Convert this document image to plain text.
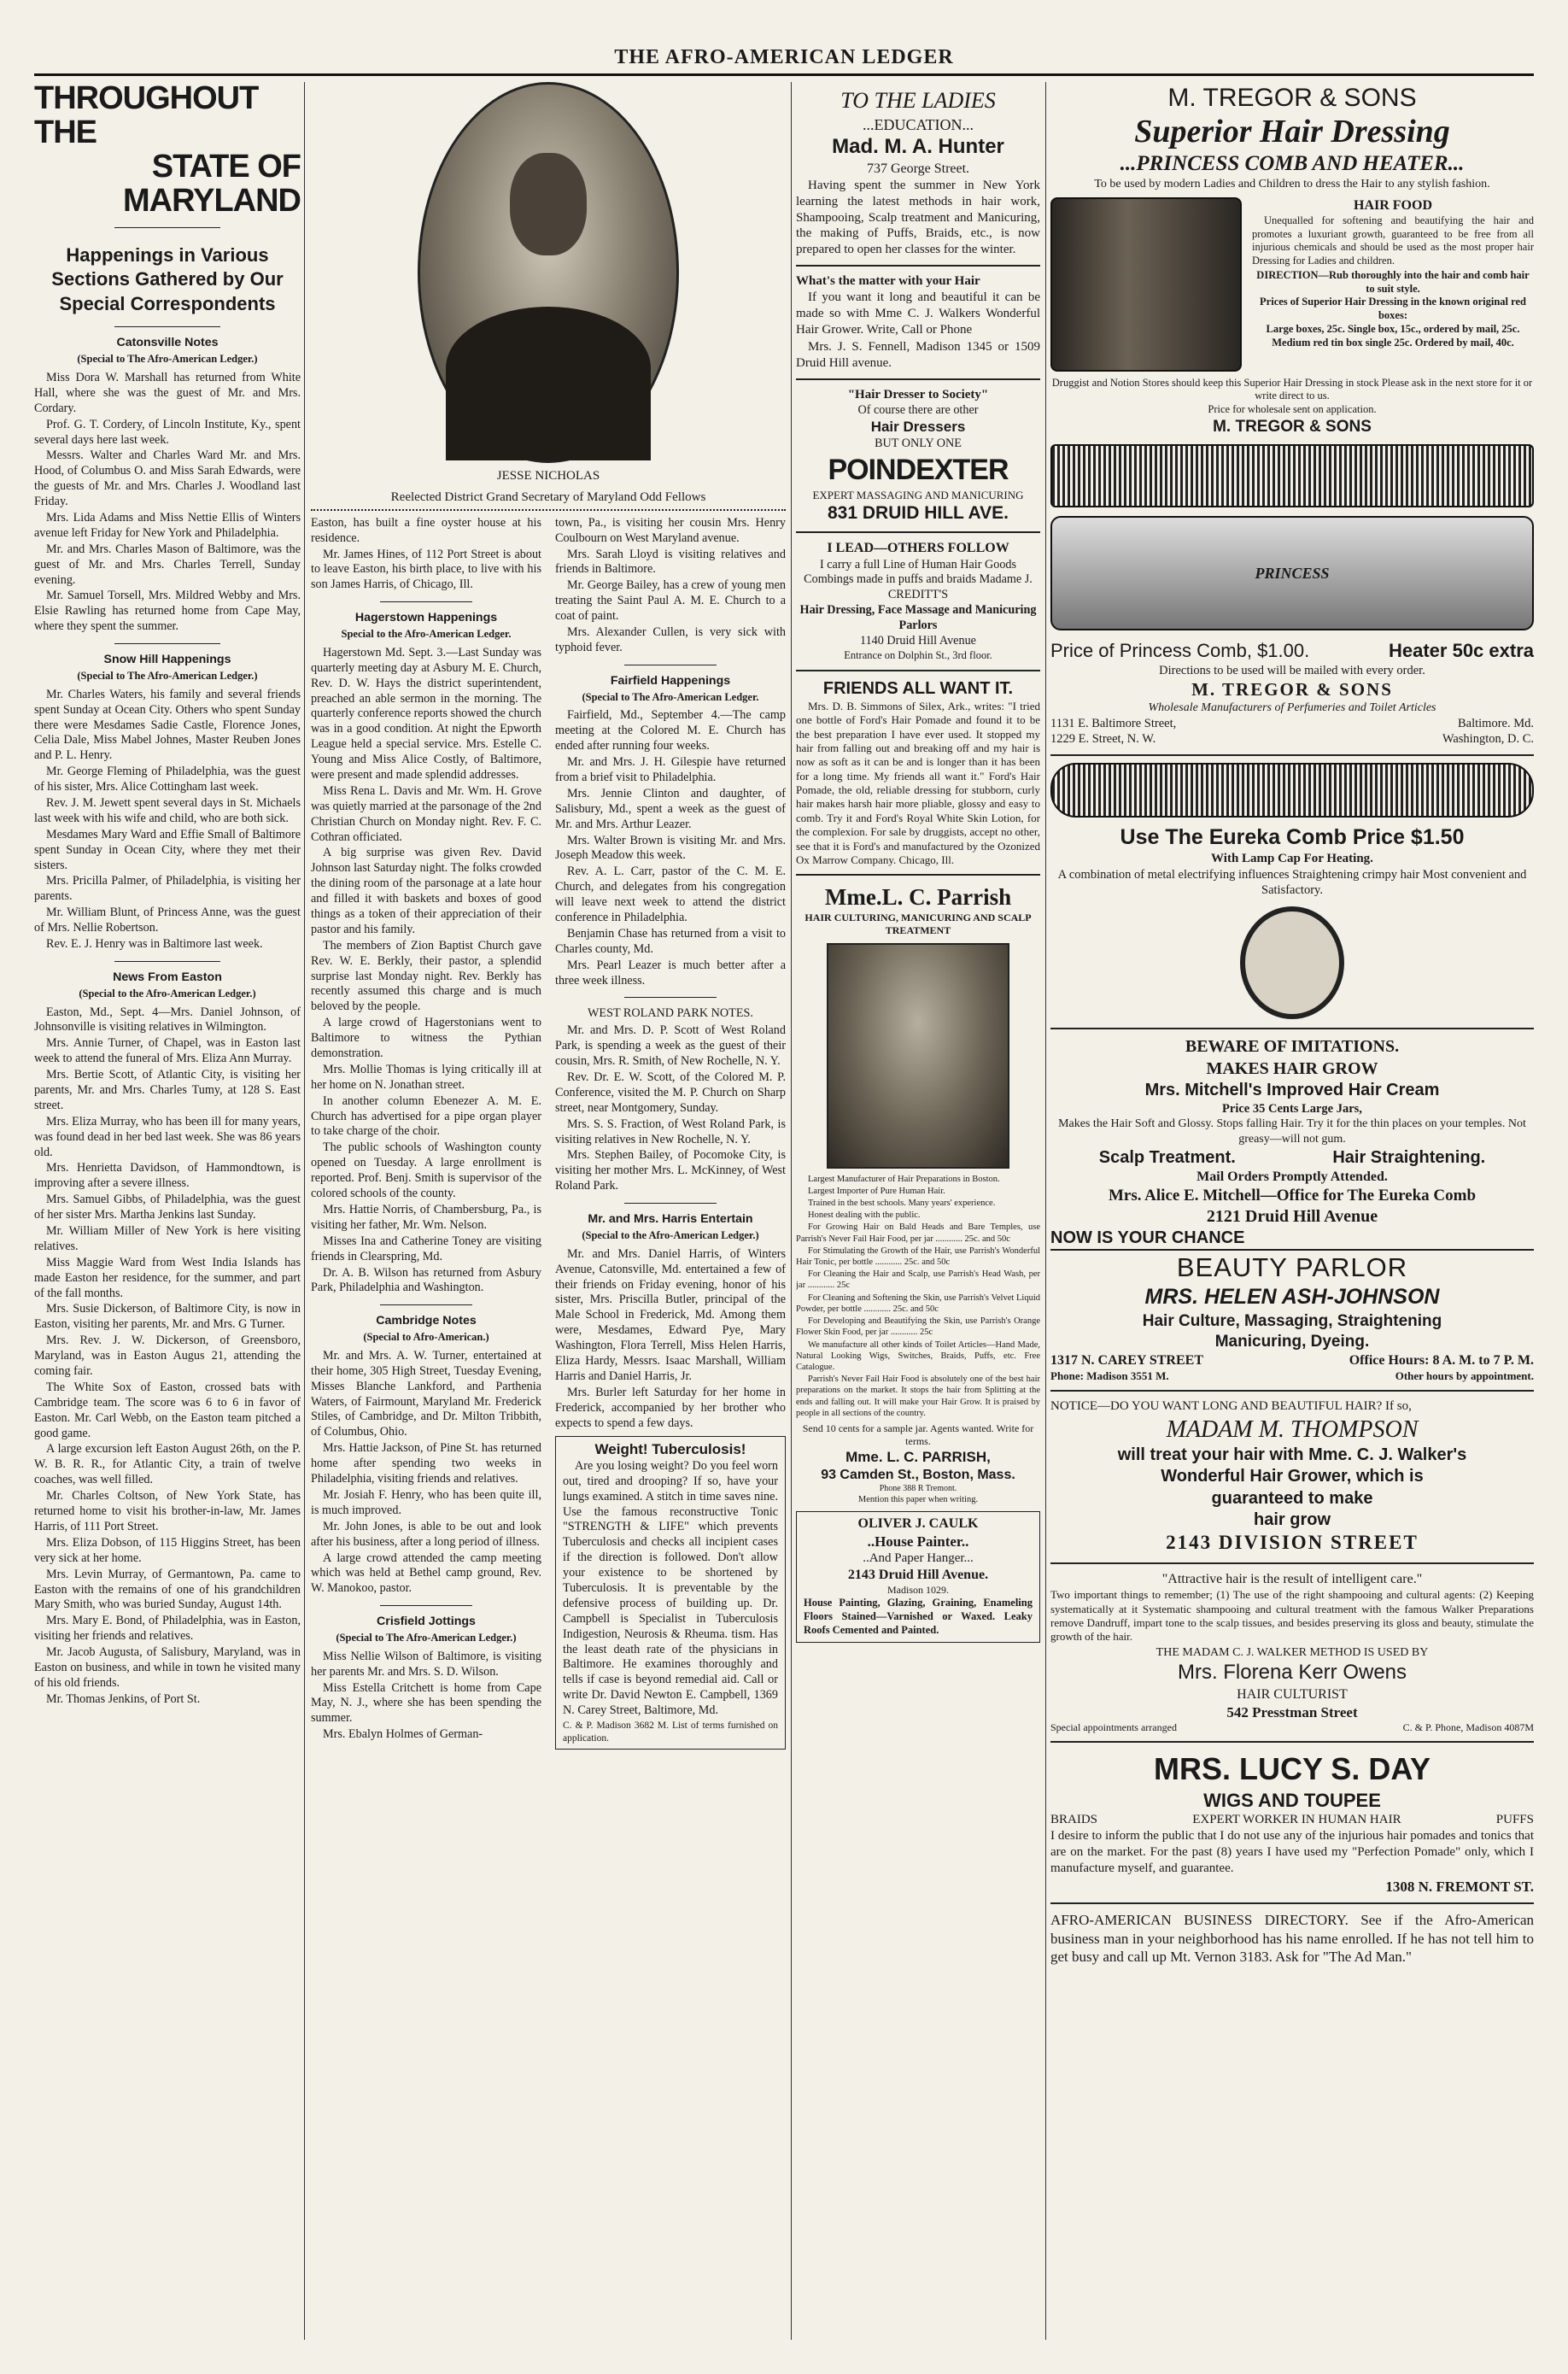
THE AFRO-AMERICAN LEDGER
THROUGHOUT THE
STATE OF MARYLAND
Happenings in Various Sections Gathered by Our Special Correspondents
Catonsville Notes
(Special to The Afro-American Ledger.)

Miss Dora W. Marshall has returned from White Hall, where she was the guest of Mr. and Mrs. Cordary.

Prof. G. T. Cordery, of Lincoln Institute, Ky., spent several days here last week.

Messrs. Walter and Charles Ward Mr. and Mrs. Hood, of Columbus O. and Miss Sarah Edwards, were the guests of Mr. and Mrs. Charles J. Woodland last Friday.

Mrs. Lida Adams and Miss Nettie Ellis of Winters avenue left Friday for New York and Philadelphia.

Mr. and Mrs. Charles Mason of Baltimore, was the guest of Mr. and Mrs. Charles Terrell, Sunday evening.

Mr. Samuel Torsell, Mrs. Mildred Webby and Mrs. Elsie Rawling has returned home from Cape May, where they spent the summer.

Snow Hill Happenings
(Special to The Afro-American Ledger.)

Mr. Charles Waters, his family and several friends spent Sunday at Ocean City. Others who spent Sunday there were Mesdames Sadie Castle, Florence Jones, Celia Dale, Miss Mabel Johnes, Master Reuben Jones and P. L. Henry.

Mr. George Fleming of Philadelphia, was the guest of his sister, Mrs. Alice Cottingham last week.

Rev. J. M. Jewett spent several days in St. Michaels last week with his wife and child, who are both sick.

Mesdames Mary Ward and Effie Small of Baltimore spent Sunday in Ocean City, where they met their sisters.

Mrs. Pricilla Palmer, of Philadelphia, is visiting her parents.

Mr. William Blunt, of Princess Anne, was the guest of Mrs. Nellie Robertson.

Rev. E. J. Henry was in Baltimore last week.

News From Easton
(Special to the Afro-American Ledger.)

Easton, Md., Sept. 4—Mrs. Daniel Johnson, of Johnsonville is visiting relatives in Wilmington.

Mrs. Annie Turner, of Chapel, was in Easton last week to attend the funeral of Mrs. Eliza Ann Murray.

Mrs. Bertie Scott, of Atlantic City, is visiting her parents, Mr. and Mrs. Charles Tumy, at 128 S. East street.

Mrs. Eliza Murray, who has been ill for many years, was found dead in her bed last week. She was 86 years old.

Mrs. Henrietta Davidson, of Hammondtown, is improving after a severe illness.

Mrs. Samuel Gibbs, of Philadelphia, was the guest of her sister Mrs. Martha Jenkins last Sunday.

Mr. William Miller of New York is here visiting relatives.

Miss Maggie Ward from West India Islands has made Easton her residence, for the summer, and part of the fall months.

Mrs. Susie Dickerson, of Baltimore City, is now in Easton, visiting her parents, Mr. and Mrs. G Turner.

Mrs. Rev. J. W. Dickerson, of Greensboro, Maryland, was in Easton Augus 21, attending the coming fair.

The White Sox of Easton, crossed bats with Cambridge team. The score was 6 to 6 in favor of Easton. Mr. Carl Webb, on the Easton team pitched a good game.

A large excursion left Easton August 26th, on the P. W. B. R. R., for Atlantic City, a train of twelve coaches, was well filled.

Mr. Charles Coltson, of New York State, has returned home to visit his brother-in-law, Mr. James Harris, of 111 Port Street.

Mrs. Eliza Dobson, of 115 Higgins Street, has been very sick at her home.

Mrs. Levin Murray, of Germantown, Pa. came to Easton with the remains of one of his grandchildren Mary Smith, who was buried Sunday, August 14th.

Mrs. Mary E. Bond, of Philadelphia, was in Easton, visiting her friends and relatives.

Mr. Jacob Augusta, of Salisbury, Maryland, was in Easton on business, and while in town he visited many of his old friends.

Mr. Thomas Jenkins, of Port St.

JESSE NICHOLAS
Reelected District Grand Secretary of Maryland Odd Fellows

Easton, has built a fine oyster house at his residence.

Mr. James Hines, of 112 Port Street is about to leave Easton, his birth place, to live with his son James Harris, of Chicago, Ill.

Hagerstown Happenings
Special to the Afro-American Ledger.

Hagerstown Md. Sept. 3.—Last Sunday was quarterly meeting day at Asbury M. E. Church, Rev. D. W. Hays the district superintendent, preached an able sermon in the morning. The quarterly conference reports showed the church was in a good condition. At night the Epworth League held a special service. Mrs. Estelle C. Young and Miss Alice Costly, of Baltimore, were present and made splendid addresses.

Miss Rena L. Davis and Mr. Wm. H. Grove was quietly married at the parsonage of the 2nd Christian Church on Monday night. Rev. F. C. Cothran officiated.

A big surprise was given Rev. David Johnson last Saturday night. The folks crowded the dining room of the parsonage at a late hour and filled it with baskets and boxes of good things as a token of their appreciation of their pastor and his family.

The members of Zion Baptist Church gave Rev. W. E. Berkly, their pastor, a splendid surprise last Monday night. Rev. Berkly has recently assumed this charge and is much beloved by the people.

A large crowd of Hagerstonians went to Baltimore to witness the Pythian demonstration.

Mrs. Mollie Thomas is lying critically ill at her home on N. Jonathan street.

In another column Ebenezer A. M. E. Church has advertised for a pipe organ player to take charge of the choir.

The public schools of Washington county opened on Tuesday. A large enrollment is reported. Prof. Benj. Smith is supervisor of the colored schools of the county.

Mrs. Hattie Norris, of Chambersburg, Pa., is visiting her father, Mr. Wm. Nelson.

Misses Ina and Catherine Toney are visiting friends in Clearspring, Md.

Dr. A. B. Wilson has returned from Asbury Park, Philadelphia and Washington.

Cambridge Notes
(Special to Afro-American.)

Mr. and Mrs. A. W. Turner, entertained at their home, 305 High Street, Tuesday Evening, Misses Blanche Lankford, and Parthenia Waters, of Fairmount, Maryland Mr. Frederick Stiles, of Cambridge, and Dr. Milton Tribbith, of Columbus, Ohio.

Mrs. Hattie Jackson, of Pine St. has returned home after spending two weeks in Philadelphia, visiting friends and relatives.

Mr. Josiah F. Henry, who has been quite ill, is much improved.

Mr. John Jones, is able to be out and look after his business, after a long period of illness.

A large crowd attended the camp meeting which was held at Bethel camp ground, Rev. W. Manokoo, pastor.

Crisfield Jottings
(Special to The Afro-American Ledger.)

Miss Nellie Wilson of Baltimore, is visiting her parents Mr. and Mrs. S. D. Wilson.

Miss Estella Critchett is home from Cape May, N. J., where she has been spending the summer.

Mrs. Ebalyn Holmes of German-

town, Pa., is visiting her cousin Mrs. Henry Coulbourn on West Maryland avenue.

Mrs. Sarah Lloyd is visiting relatives and friends in Baltimore.

Mr. George Bailey, has a crew of young men treating the Saint Paul A. M. E. Church to a coat of paint.

Mrs. Alexander Cullen, is very sick with typhoid fever.

Fairfield Happenings
(Special to The Afro-American Ledger.

Fairfield, Md., September 4.—The camp meeting at the Colored M. E. Church has ended after running four weeks.

Mr. and Mrs. J. H. Gilespie have returned from a brief visit to Philadelphia.

Mrs. Jennie Clinton and daughter, of Salisbury, Md., spent a week as the guest of Mr. and Mrs. Arthur Leazer.

Mrs. Walter Brown is visiting Mr. and Mrs. Joseph Meadow this week.

Rev. A. L. Carr, pastor of the C. M. E. Church, and delegates from his congregation will leave next week to attend the district conference in Philadelphia.

Benjamin Chase has returned from a visit to Charles county, Md.

Mrs. Pearl Leazer is much better after a three week illness.

WEST ROLAND PARK NOTES.

Mr. and Mrs. D. P. Scott of West Roland Park, is spending a week as the guest of their cousin, Mrs. R. Smith, of New Rochelle, N. Y.

Rev. Dr. E. W. Scott, of the Colored M. P. Conference, visited the M. P. Church on Sharp street, near Montgomery, Sunday.

Mrs. S. S. Fraction, of West Roland Park, is visiting relatives in New Rochelle, N. Y.

Mrs. Stephen Bailey, of Pocomoke City, is visiting her mother Mrs. L. McKinney, of West Roland Park.

Mr. and Mrs. Harris Entertain
(Special to the Afro-American Ledger.)

Mr. and Mrs. Daniel Harris, of Winters Avenue, Catonsville, Md. entertained a few of their friends on Friday evening, honor of his sister, Mrs. Priscilla Butler, principal of the Male School in Frederick, Md. Among them were, Mesdames, Edward Pye, Mary Washington, Flora Terrell, Miss Helen Harris, Eliza Hardy, Messrs. Isaac Marshall, William Harris and Daniel Harris, Jr.

Mrs. Burler left Saturday for her home in Frederick, accompanied by her brother who expects to spend a few days.

Weight! Tuberculosis!

Are you losing weight? Do you feel worn out, tired and drooping? If so, have your lungs examined. A stitch in time saves nine. Use the famous reconstructive Tonic "STRENGTH & LIFE" which prevents Tuberculosis and checks all incipient cases if the direction is followed. Don't allow your existence to be shortened by Tuberculosis. It is preventable by the defensive process of building up. Dr. Campbell is Specialist in Tuberculosis Indigestion, Neurosis & Rheuma. tism. Has the least death rate of the physicians in Baltimore. He examines thoroughly and tells if case is beyond remedial aid. Call or write Dr. David Newton E. Campbell, 1369 N. Carey Street, Baltimore, Md.

C. & P. Madison 3682 M. List of terms furnished on application.

TO THE LADIES
...EDUCATION...
Mad. M. A. Hunter
737 George Street.

Having spent the summer in New York learning the latest methods in hair work, Shampooing, Scalp treatment and Manicuring, the making of Puffs, Braids, etc., is now prepared to open her classes for the winter.

What's the matter with your Hair

If you want it long and beautiful it can be made so with Mme C. J. Walkers Wonderful Hair Grower. Write, Call or Phone

Mrs. J. S. Fennell, Madison 1345 or 1509 Druid Hill avenue.

"Hair Dresser to Society"
Of course there are other
Hair Dressers
BUT ONLY ONE
POINDEXTER
EXPERT MASSAGING AND MANICURING
831 DRUID HILL AVE.
I LEAD—OTHERS FOLLOW
I carry a full Line of Human Hair Goods Combings made in puffs and braids Madame J. CREDITT'S
Hair Dressing, Face Massage and Manicuring Parlors
1140 Druid Hill Avenue
Entrance on Dolphin St., 3rd floor.
FRIENDS ALL WANT IT.

Mrs. D. B. Simmons of Silex, Ark., writes: "I tried one bottle of Ford's Hair Pomade and found it to be the best preparation I have ever used. It stopped my hair from falling out and breaking off and my hair is now as soft as it can be and is longer than it has been for a long time. My friends all want it." Ford's Hair Pomade, the old, reliable dressing for stubborn, curly hair makes harsh hair more pliable, glossy and easy to comb. Try it and Ford's Royal White Skin Lotion, for the complexion. For sale by druggists, accept no other, see that it is Ford's and manufactured by the Ozonized Ox Marrow Company. Chicago, Ill.

Mme.L. C. Parrish
HAIR CULTURING, MANICURING AND SCALP TREATMENT

Largest Manufacturer of Hair Preparations in Boston.

Largest Importer of Pure Human Hair.

Trained in the best schools. Many years' experience.

Honest dealing with the public.

For Growing Hair on Bald Heads and Bare Temples, use Parrish's Never Fail Hair Food, per jar ............ 25c. and 50c

For Stimulating the Growth of the Hair, use Parrish's Wonderful Hair Tonic, per bottle ............ 25c. and 50c

For Cleaning the Hair and Scalp, use Parrish's Head Wash, per jar ............ 25c

For Cleaning and Softening the Skin, use Parrish's Velvet Liquid Powder, per bottle ............ 25c. and 50c

For Developing and Beautifying the Skin, use Parrish's Orange Flower Skin Food, per jar ............ 25c

We manufacture all other kinds of Toilet Articles—Hand Made, Natural Looking Wigs, Switches, Braids, Puffs, etc. Free Catalogue.

Parrish's Never Fail Hair Food is absolutely one of the best hair preparations on the market. It stops the hair from Splitting at the ends and falling out. It will make your Hair Grow. It is praised by people in all sections of the country.

Send 10 cents for a sample jar. Agents wanted. Write for terms.
Mme. L. C. PARRISH,
93 Camden St., Boston, Mass.
Phone 388 R Tremont.
Mention this paper when writing.
OLIVER J. CAULK
..House Painter..
..And Paper Hanger...
2143 Druid Hill Avenue.
Madison 1029.

House Painting, Glazing, Graining, Enameling Floors Stained—Varnished or Waxed. Leaky Roofs Cemented and Painted.

M. TREGOR & SONS
Superior Hair Dressing
...PRINCESS COMB AND HEATER...
To be used by modern Ladies and Children to dress the Hair to any stylish fashion.
HAIR FOOD

Unequalled for softening and beautifying the hair and promotes a luxuriant growth, guaranteed to be free from all injurious chemicals and should be used as the most proper hair Dressing for Ladies and children.

DIRECTION—Rub thoroughly into the hair and comb hair to suit style.
Prices of Superior Hair Dressing in the known original red boxes:
Large boxes, 25c. Single box, 15c., ordered by mail, 25c.
Medium red tin box single 25c. Ordered by mail, 40c.
Druggist and Notion Stores should keep this Superior Hair Dressing in stock Please ask in the next store for it or write direct to us.
Price for wholesale sent on application.
M. TREGOR & SONS
PRINCESS
Price of Princess Comb, $1.00.	Heater 50c extra
Directions to be used will be mailed with every order.
M. TREGOR & SONS
Wholesale Manufacturers of Perfumeries and Toilet Articles
1131 E. Baltimore Street,	Baltimore. Md.
1229 E. Street, N. W.	Washington, D. C.
Use The Eureka Comb Price $1.50
With Lamp Cap For Heating.
A combination of metal electrifying influences Straightening crimpy hair Most convenient and Satisfactory.
BEWARE OF IMITATIONS.
MAKES HAIR GROW
Mrs. Mitchell's Improved Hair Cream
Price 35 Cents Large Jars,
Makes the Hair Soft and Glossy. Stops falling Hair. Try it for the thin places on your temples. Not greasy—will not gum.
Scalp Treatment.	Hair Straightening.
Mail Orders Promptly Attended.
Mrs. Alice E. Mitchell—Office for The Eureka Comb
2121 Druid Hill Avenue
NOW IS YOUR CHANCE
BEAUTY PARLOR
MRS. HELEN ASH-JOHNSON
Hair Culture, Massaging, Straightening
Manicuring, Dyeing.
1317 N. CAREY STREET	Office Hours: 8 A. M. to 7 P. M.
Phone: Madison 3551 M.	Other hours by appointment.
NOTICE—DO YOU WANT LONG AND BEAUTIFUL HAIR? If so,
MADAM M. THOMPSON
will treat your hair with Mme. C. J. Walker's
Wonderful Hair Grower, which is
guaranteed to make
hair grow
2143 DIVISION STREET
"Attractive hair is the result of intelligent care."

Two important things to remember; (1) The use of the right shampooing and cultural agents: (2) Keeping systematically at it Systematic shampooing and cultural treatment with the famous Walker Preparations remove Dandruff, impart tone to the scalp tissues, and besides preserving its gloss and beauty, stimulate the growth of the hair.

THE MADAM C. J. WALKER METHOD IS USED BY
Mrs. Florena Kerr Owens
HAIR CULTURIST
542 Presstman Street
Special appointments arranged	C. & P. Phone, Madison 4087M
MRS. LUCY S. DAY
WIGS AND TOUPEE
BRAIDS	EXPERT WORKER IN HUMAN HAIR	PUFFS

I desire to inform the public that I do not use any of the injurious hair pomades and tonics that are on the market. For the past (8) years I have used my "Perfection Pomade" only, which I manufacture myself, and guarantee.

1308 N. FREMONT ST.

AFRO-AMERICAN BUSINESS DIRECTORY. See if the Afro-American business man in your neighborhood has his name enrolled. If he has not tell him to get busy and call up Mt. Vernon 3183. Ask for "The Ad Man."
